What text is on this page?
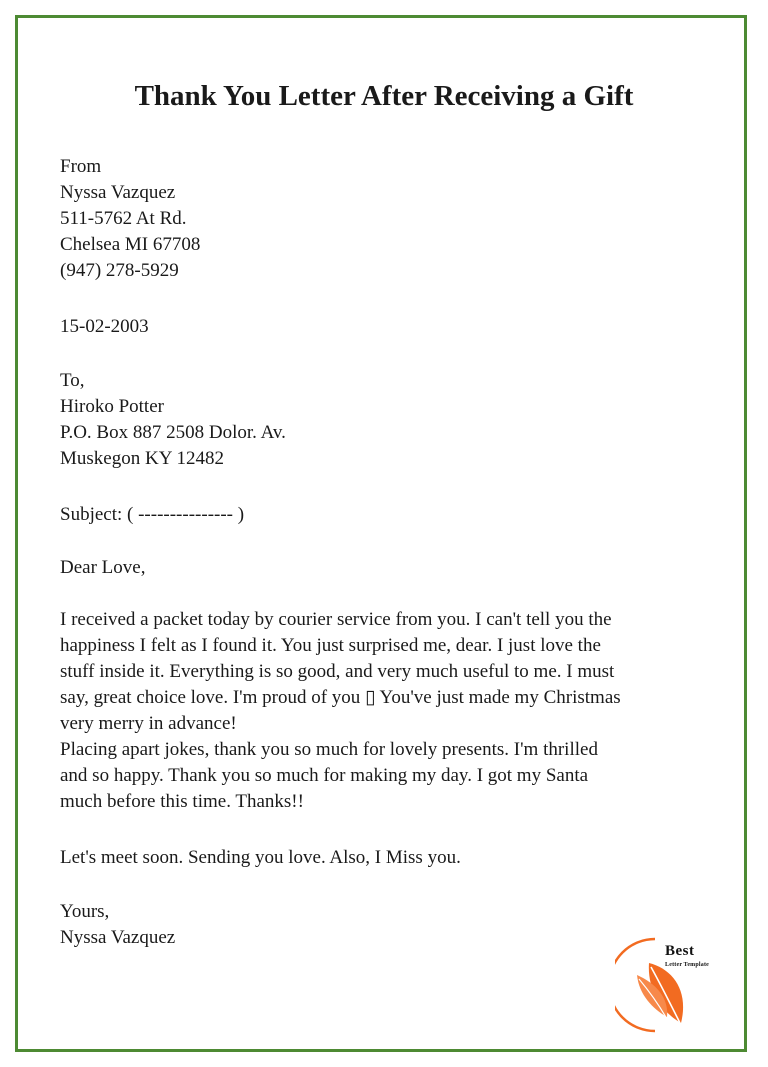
Thank You Letter After Receiving a Gift
From
Nyssa Vazquez
511-5762 At Rd.
Chelsea MI 67708
(947) 278-5929
15-02-2003
To,
Hiroko Potter
P.O. Box 887 2508 Dolor. Av.
Muskegon KY 12482
Subject: ( --------------- )
Dear Love,
I received a packet today by courier service from you. I can't tell you the
happiness I felt as I found it. You just surprised me, dear. I just love the
stuff inside it. Everything is so good, and very much useful to me. I must
say, great choice love. I'm proud of you ▯ You've just made my Christmas
very merry in advance!
Placing apart jokes, thank you so much for lovely presents. I'm thrilled
and so happy. Thank you so much for making my day. I got my Santa
much before this time. Thanks!!
Let's meet soon. Sending you love. Also, I Miss you.
Yours,
Nyssa Vazquez
Best
Letter Template
